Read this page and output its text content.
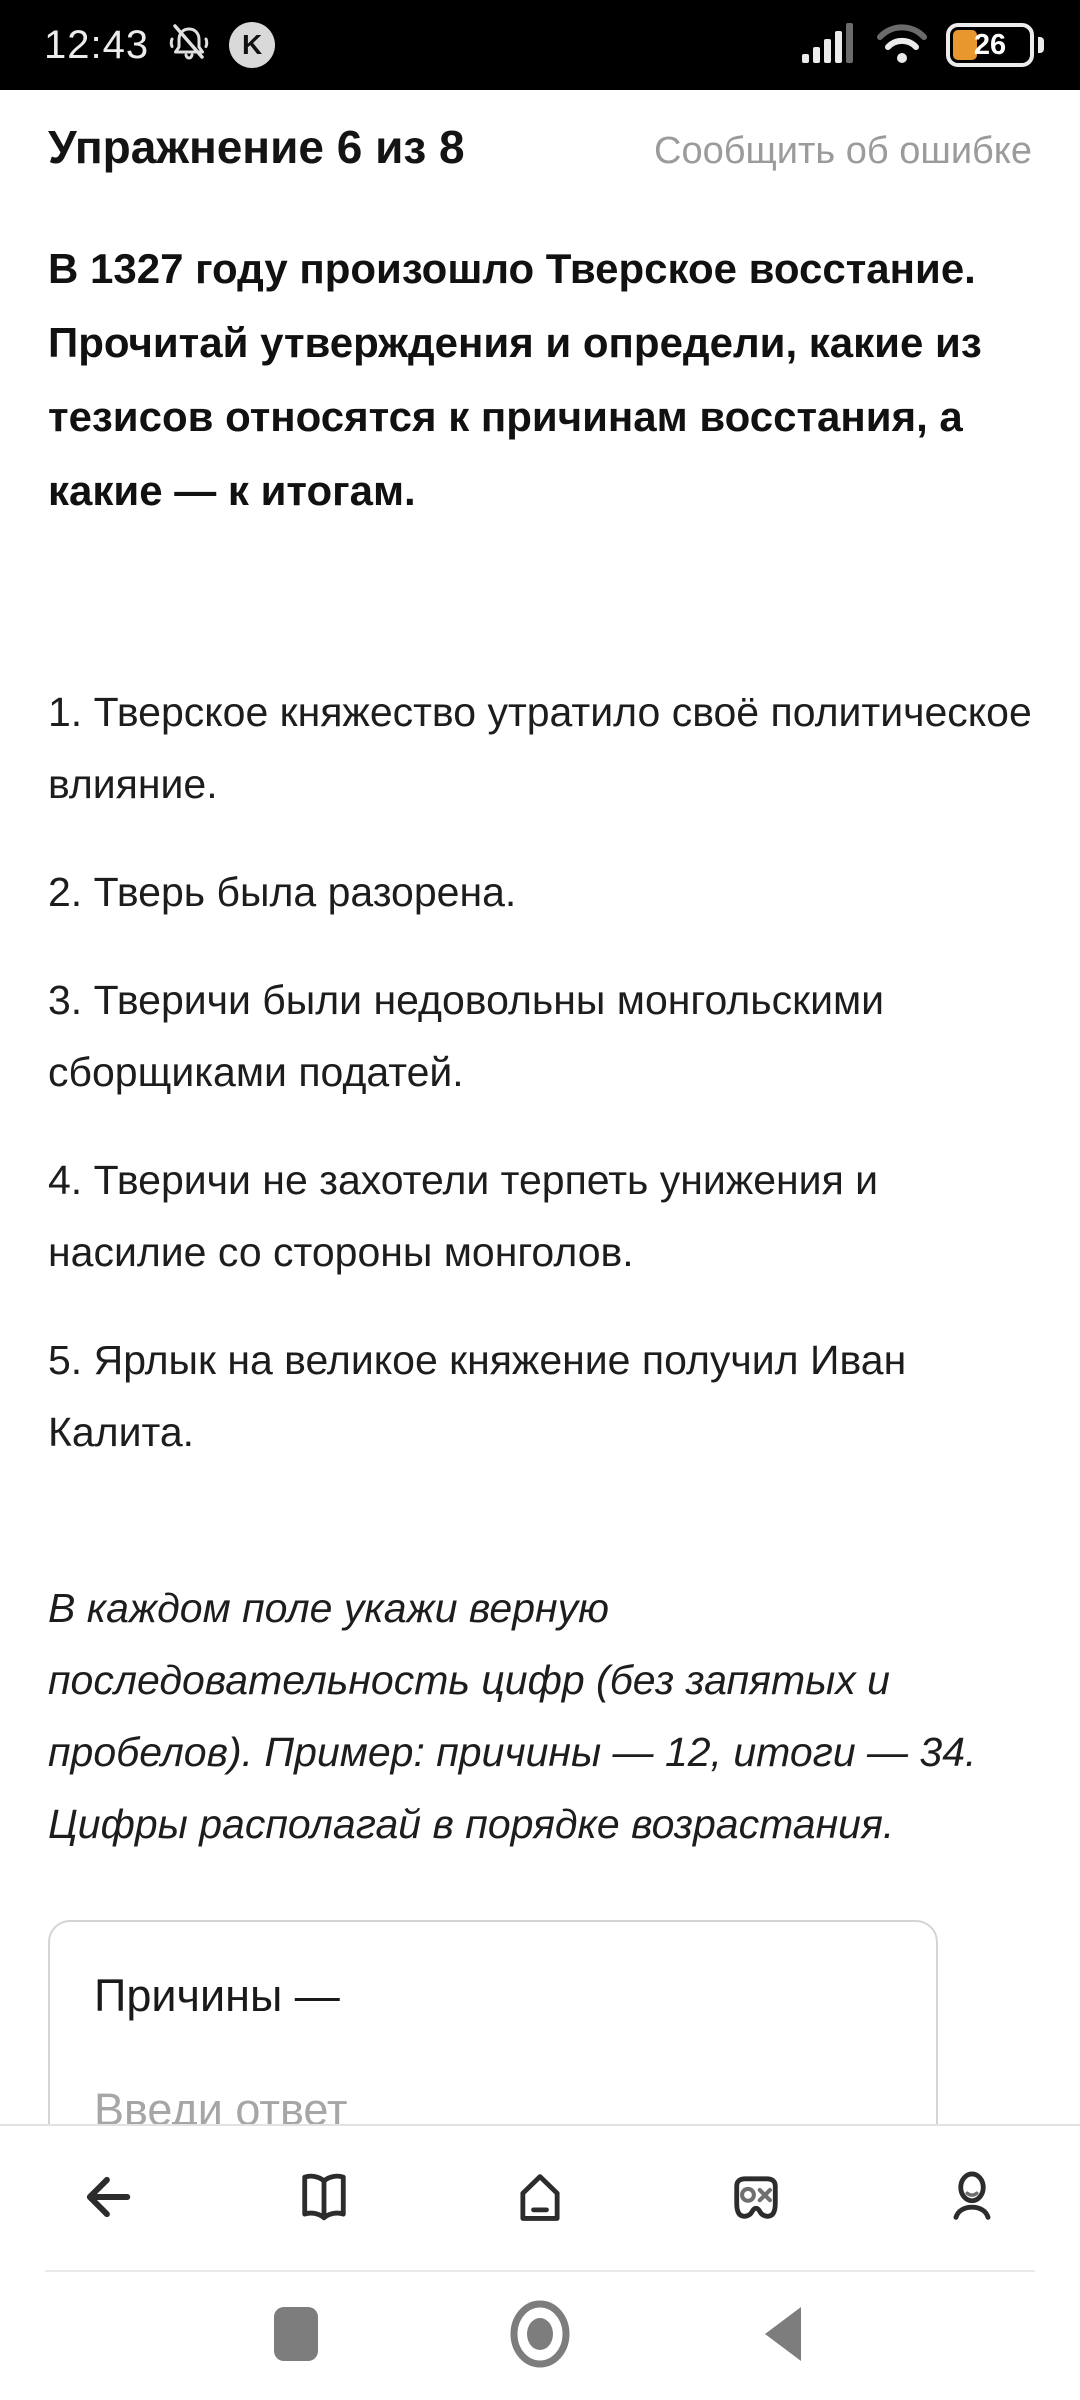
12:43	K	26
Упражнение 6 из 8	Сообщить об ошибке

В 1327 году произошло Тверское восстание. Прочитай утверждения и определи, какие из тезисов относятся к причинам восстания, а какие — к итогам.

1. Тверское княжество утратило своё политическое влияние.

2. Тверь была разорена.

3. Тверичи были недовольны монгольскими сборщиками податей.

4. Тверичи не захотели терпеть унижения и насилие со стороны монголов.

5. Ярлык на великое княжение получил Иван Калита.

В каждом поле укажи верную последовательность цифр (без запятых и пробелов). Пример: причины — 12, итоги — 34. Цифры располагай в порядке возрастания.

Причины —
Введи ответ
